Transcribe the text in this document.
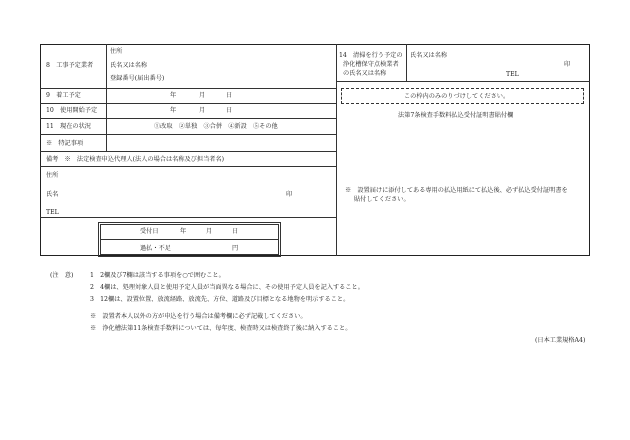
8　工事予定業者
住所
氏名又は名称
登録番号(届出番号)
9　着工予定	年	月	日
10　使用開始予定	年	月	日
11　現在の状況	①改取　②単独　③合併　④新設　⑤その他
※　特記事項
備考　※　法定検査申込代理人(法人の場合は名称及び担当者名)
住所
氏名	印
TEL
受付日	年	月	日
過払・不足	円
14　清掃を行う予定の
浄化槽保守点検業者
の氏名又は名称
氏名又は名称
印
TEL
この枠内のみのりづけしてください。
法第7条検査手数料払込受付証明書貼付欄
※　設置届けに添付してある専用の払込用紙にて払込後、必ず払込受付証明書を
貼付してください。
(注　意)	1　2欄及び7欄は該当する事項を○で囲むこと。
2　4欄は、処理対象人員と使用予定人員が当面異なる場合に、その使用予定人員を記入すること。
3　12欄は、設置位置、放流経路、放流先、方位、道路及び目標となる地物を明示すること。
※　設置者本人以外の方が申込を行う場合は備考欄に必ず記載してください。
※　浄化槽法第11条検査手数料については、毎年度、検査時又は検査終了後に納入すること。
(日本工業規格A4)
